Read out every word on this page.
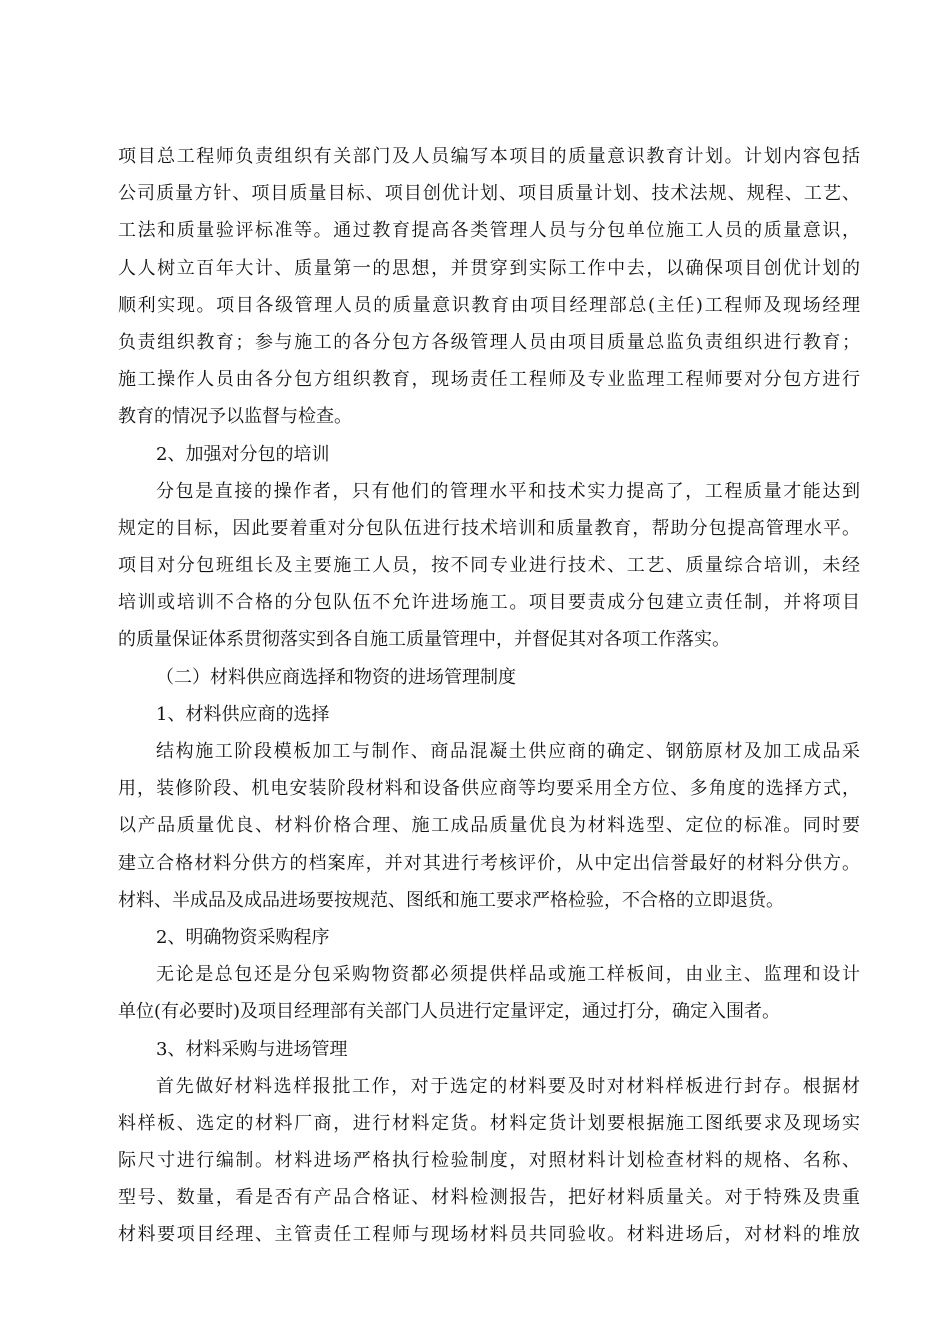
项目总工程师负责组织有关部门及人员编写本项目的质量意识教育计划。计划内容包括
公司质量方针、项目质量目标、项目创优计划、项目质量计划、技术法规、规程、工艺、
工法和质量验评标准等。通过教育提高各类管理人员与分包单位施工人员的质量意识，
人人树立百年大计、质量第一的思想，并贯穿到实际工作中去，以确保项目创优计划的
顺利实现。项目各级管理人员的质量意识教育由项目经理部总(主任)工程师及现场经理
负责组织教育；参与施工的各分包方各级管理人员由项目质量总监负责组织进行教育；
施工操作人员由各分包方组织教育，现场责任工程师及专业监理工程师要对分包方进行
教育的情况予以监督与检查。
2、加强对分包的培训
分包是直接的操作者，只有他们的管理水平和技术实力提高了，工程质量才能达到
规定的目标，因此要着重对分包队伍进行技术培训和质量教育，帮助分包提高管理水平。
项目对分包班组长及主要施工人员，按不同专业进行技术、工艺、质量综合培训，未经
培训或培训不合格的分包队伍不允许进场施工。项目要责成分包建立责任制，并将项目
的质量保证体系贯彻落实到各自施工质量管理中，并督促其对各项工作落实。
（二）材料供应商选择和物资的进场管理制度
1、材料供应商的选择
结构施工阶段模板加工与制作、商品混凝土供应商的确定、钢筋原材及加工成品采
用，装修阶段、机电安装阶段材料和设备供应商等均要采用全方位、多角度的选择方式，
以产品质量优良、材料价格合理、施工成品质量优良为材料选型、定位的标准。同时要
建立合格材料分供方的档案库，并对其进行考核评价，从中定出信誉最好的材料分供方。
材料、半成品及成品进场要按规范、图纸和施工要求严格检验，不合格的立即退货。
2、明确物资采购程序
无论是总包还是分包采购物资都必须提供样品或施工样板间，由业主、监理和设计
单位(有必要时)及项目经理部有关部门人员进行定量评定，通过打分，确定入围者。
3、材料采购与进场管理
首先做好材料选样报批工作，对于选定的材料要及时对材料样板进行封存。根据材
料样板、选定的材料厂商，进行材料定货。材料定货计划要根据施工图纸要求及现场实
际尺寸进行编制。材料进场严格执行检验制度，对照材料计划检查材料的规格、名称、
型号、数量，看是否有产品合格证、材料检测报告，把好材料质量关。对于特殊及贵重
材料要项目经理、主管责任工程师与现场材料员共同验收。材料进场后，对材料的堆放
